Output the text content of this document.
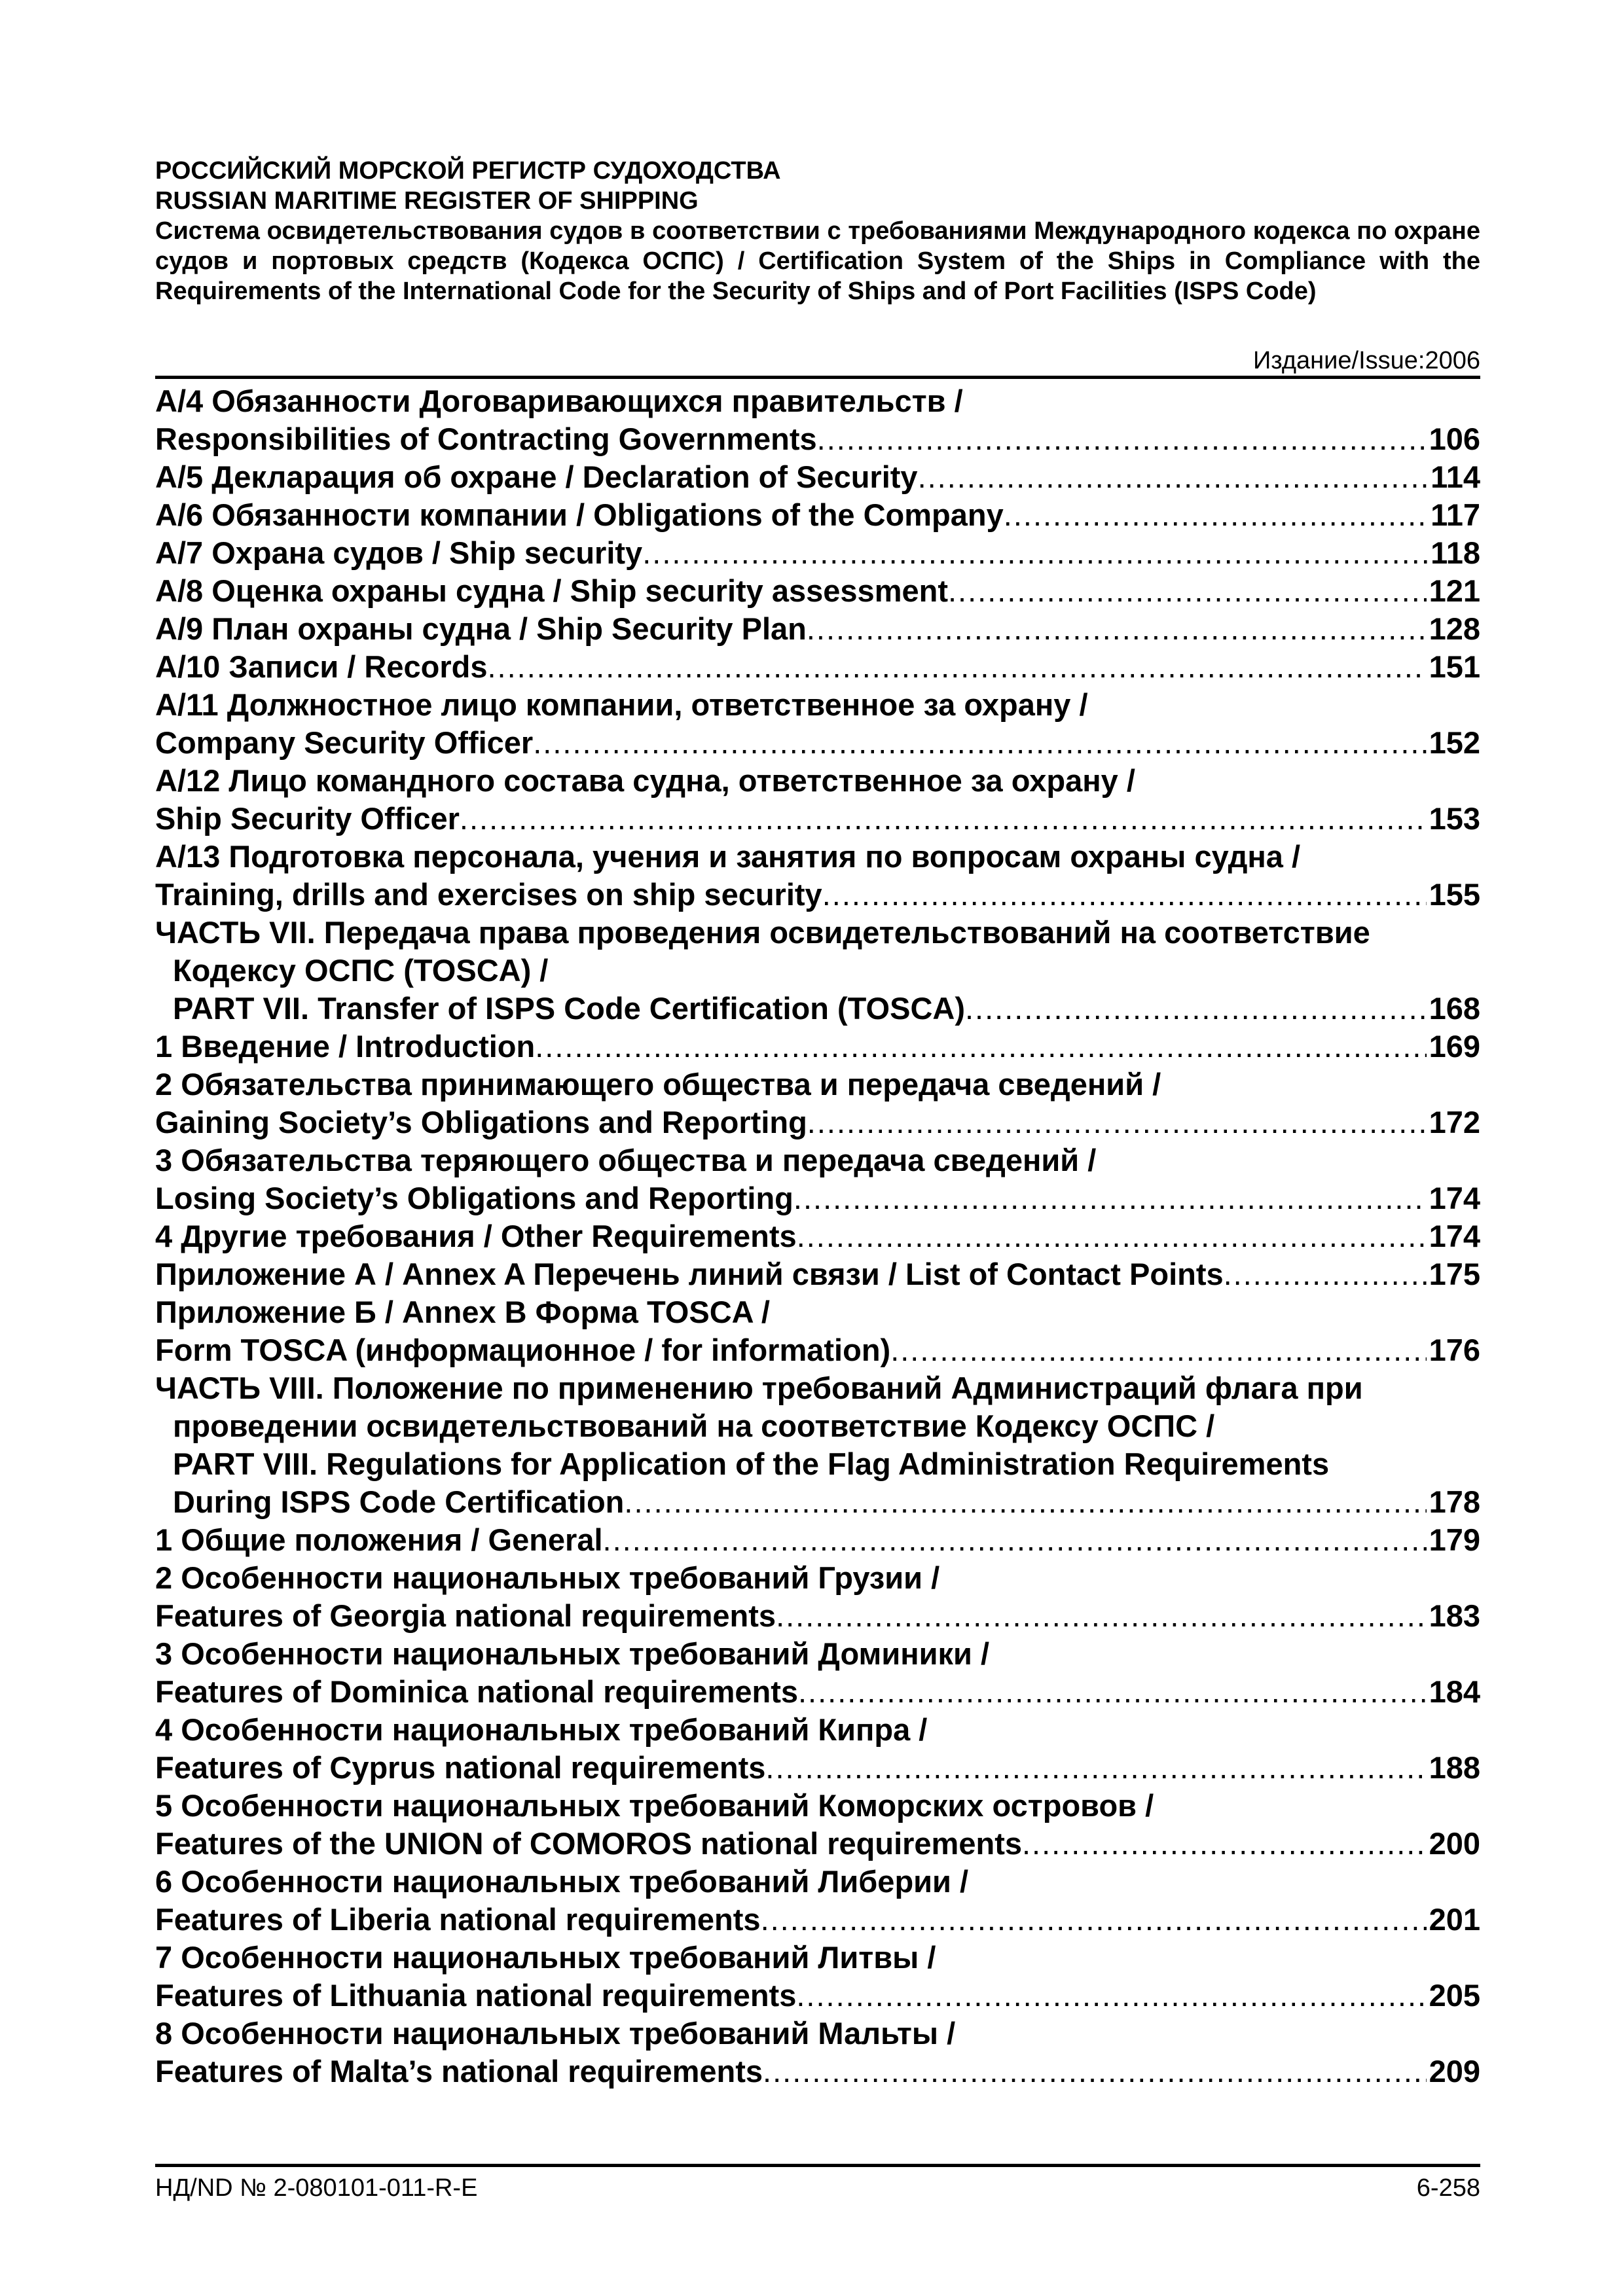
РОССИЙСКИЙ МОРСКОЙ РЕГИСТР СУДОХОДСТВА
RUSSIAN MARITIME REGISTER OF SHIPPING
Система освидетельствования судов в соответствии с требованиями Международного кодекса по охране судов и портовых средств (Кодекса ОСПС) / Certification System of the Ships in Compliance with the Requirements of the International Code for the Security of Ships and of Port Facilities (ISPS Code)
Издание/Issue:2006
А/4 Обязанности Договаривающихся правительств /
Responsibilities of Contracting Governments .....	106
А/5 Декларация об охране / Declaration of Security .....	114
А/6 Обязанности компании / Obligations of the Company .....	117
А/7 Охрана судов / Ship security .....	118
А/8 Оценка охраны судна / Ship security assessment .....	121
А/9 План охраны судна / Ship Security Plan .....	128
А/10 Записи / Records .....	151
А/11 Должностное лицо компании, ответственное за охрану /
Company Security Officer .....	152
А/12 Лицо командного состава судна, ответственное за охрану /
Ship Security Officer .....	153
А/13 Подготовка персонала, учения и занятия по вопросам охраны судна /
Training, drills and exercises on ship security .....	155
ЧАСТЬ VII. Передача права проведения освидетельствований на соответствие
Кодексу ОСПС (TOSCA) /
PART VII. Transfer of ISPS Code Certification (TOSCA) .....	168
1 Введение / Introduction .....	169
2 Обязательства принимающего общества и передача сведений /
Gaining Society’s Obligations and Reporting .....	172
3 Обязательства теряющего общества и передача сведений /
Losing Society’s Obligations and Reporting .....	174
4 Другие требования / Other Requirements .....	174
Приложение А / Annex A Перечень линий связи / List of Contact Points .....	175
Приложение Б / Annex B Форма TOSCA /
Form TOSCA (информационное / for information) .....	176
ЧАСТЬ VIII. Положение по применению требований Администраций флага при
проведении освидетельствований на соответствие Кодексу ОСПС /
PART VIII. Regulations for Application of the Flag Administration Requirements
During ISPS Code Certification .....	178
1 Общие положения / General .....	179
2 Особенности национальных требований Грузии /
Features of Georgia national requirements .....	183
3 Особенности национальных требований Доминики /
Features of Dominica national requirements .....	184
4 Особенности национальных требований Кипра /
Features of Cyprus national requirements .....	188
5 Особенности национальных требований Коморских островов /
Features of the UNION of COMOROS national requirements .....	200
6 Особенности национальных требований Либерии /
Features of Liberia national requirements .....	201
7 Особенности национальных требований Литвы /
Features of Lithuania national requirements .....	205
8 Особенности национальных требований Мальты /
Features of Malta’s national requirements .....	209
НД/ND № 2-080101-011-R-E	6-258
